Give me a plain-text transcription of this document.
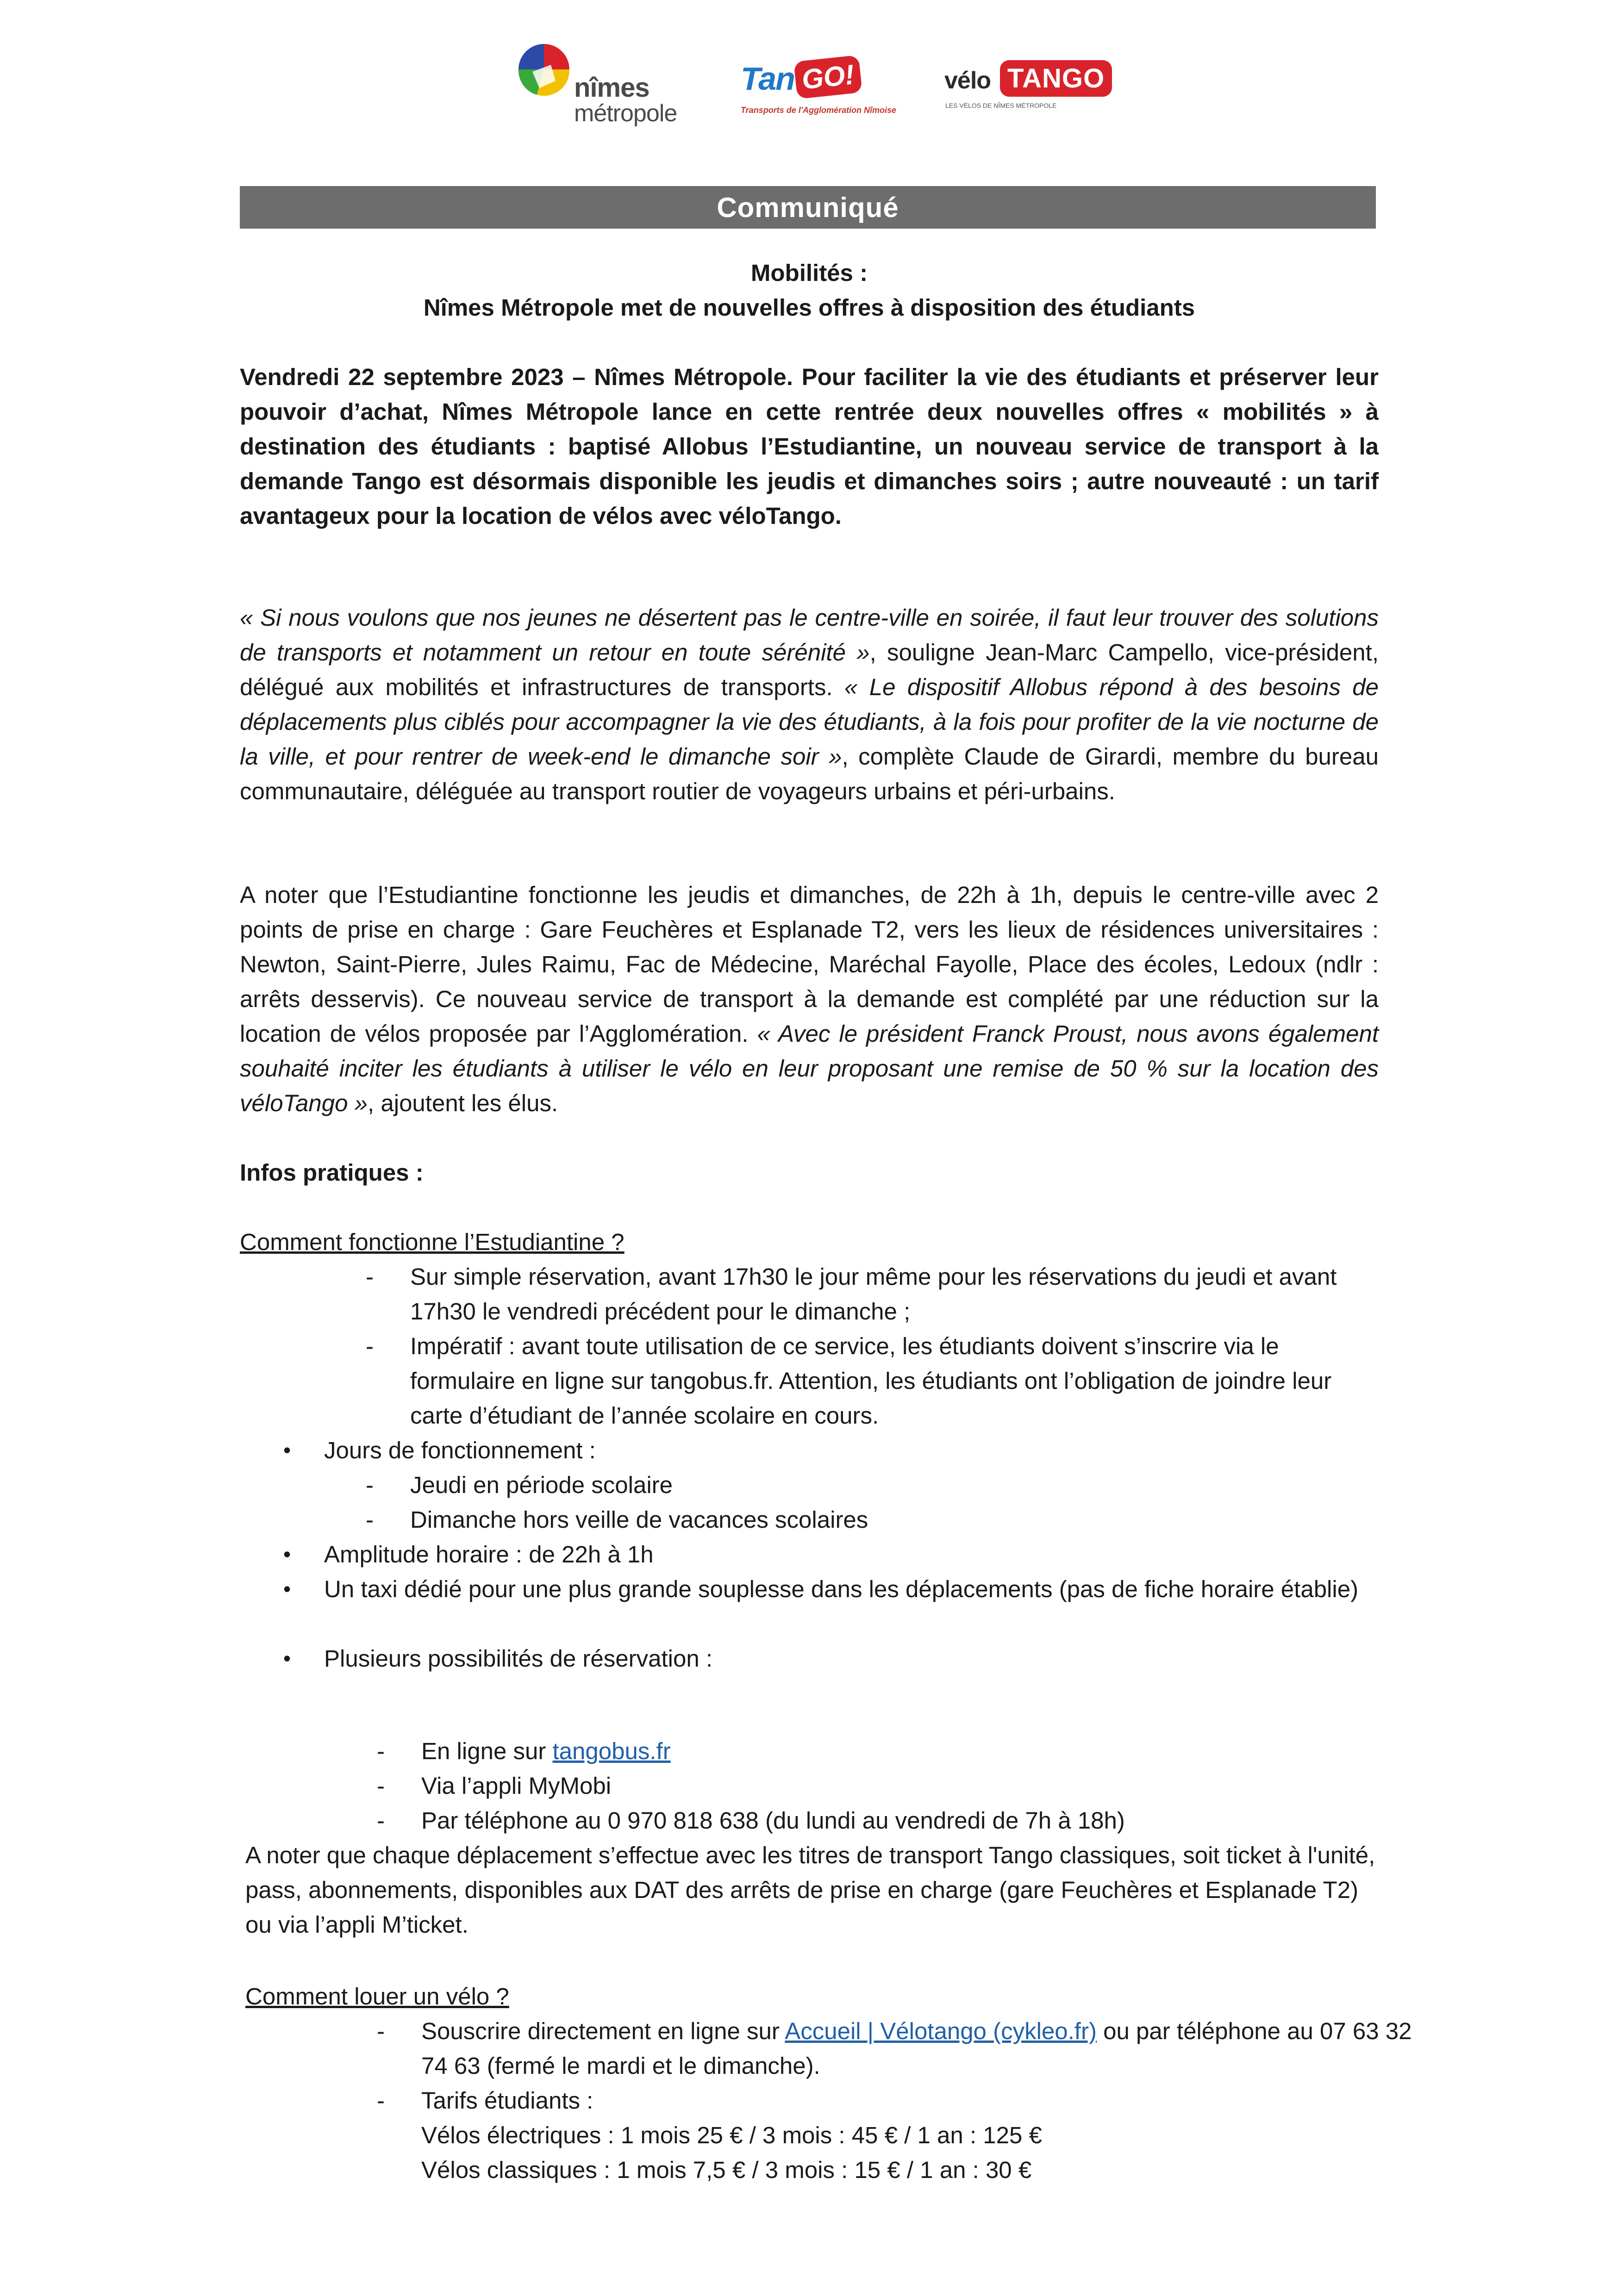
nîmes
métropole
Tan GO!
Transports de l'Agglomération Nîmoise
vélo TANGO
LES VÉLOS DE NÎMES MÉTROPOLE
Communiqué

Mobilités :

Nîmes Métropole met de nouvelles offres à disposition des étudiants

Vendredi 22 septembre 2023 – Nîmes Métropole. Pour faciliter la vie des étudiants et préserver leur pouvoir d’achat, Nîmes Métropole lance en cette rentrée deux nouvelles offres « mobilités » à destination des étudiants : baptisé Allobus l’Estudiantine, un nouveau service de transport à la demande Tango est désormais disponible les jeudis et dimanches soirs ; autre nouveauté : un tarif avantageux pour la location de vélos avec véloTango.

« Si nous voulons que nos jeunes ne désertent pas le centre-ville en soirée, il faut leur trouver des solutions de transports et notamment un retour en toute sérénité », souligne Jean-Marc Campello, vice-président, délégué aux mobilités et infrastructures de transports. « Le dispositif Allobus répond à des besoins de déplacements plus ciblés pour accompagner la vie des étudiants, à la fois pour profiter de la vie nocturne de la ville, et pour rentrer de week-end le dimanche soir », complète Claude de Girardi, membre du bureau communautaire, déléguée au transport routier de voyageurs urbains et péri-urbains.

A noter que l’Estudiantine fonctionne les jeudis et dimanches, de 22h à 1h, depuis le centre-ville avec 2 points de prise en charge : Gare Feuchères et Esplanade T2, vers les lieux de résidences universitaires : Newton, Saint-Pierre, Jules Raimu, Fac de Médecine, Maréchal Fayolle, Place des écoles, Ledoux (ndlr : arrêts desservis). Ce nouveau service de transport à la demande est complété par une réduction sur la location de vélos proposée par l’Agglomération. « Avec le président Franck Proust, nous avons également souhaité inciter les étudiants à utiliser le vélo en leur proposant une remise de 50 % sur la location des véloTango », ajoutent les élus.

Infos pratiques :

Comment fonctionne l’Estudiantine ?

- Sur simple réservation, avant 17h30 le jour même pour les réservations du jeudi et avant 17h30 le vendredi précédent pour le dimanche ;
- Impératif : avant toute utilisation de ce service, les étudiants doivent s’inscrire via le formulaire en ligne sur tangobus.fr. Attention, les étudiants ont l’obligation de joindre leur carte d’étudiant de l’année scolaire en cours.
• Jours de fonctionnement :
- Jeudi en période scolaire
- Dimanche hors veille de vacances scolaires
• Amplitude horaire : de 22h à 1h
• Un taxi dédié pour une plus grande souplesse dans les déplacements (pas de fiche horaire établie)
• Plusieurs possibilités de réservation :
- En ligne sur tangobus.fr
- Via l’appli MyMobi
- Par téléphone au 0 970 818 638 (du lundi au vendredi de 7h à 18h)

A noter que chaque déplacement s’effectue avec les titres de transport Tango classiques, soit ticket à l'unité, pass, abonnements, disponibles aux DAT des arrêts de prise en charge (gare Feuchères et Esplanade T2) ou via l’appli M’ticket.

Comment louer un vélo ?

- Souscrire directement en ligne sur Accueil | Vélotango (cykleo.fr) ou par téléphone au 07 63 32 74 63 (fermé le mardi et le dimanche).
- Tarifs étudiants :
Vélos électriques : 1 mois 25 € / 3 mois : 45 € / 1 an : 125 €
Vélos classiques : 1 mois 7,5 € / 3 mois : 15 € / 1 an : 30 €
